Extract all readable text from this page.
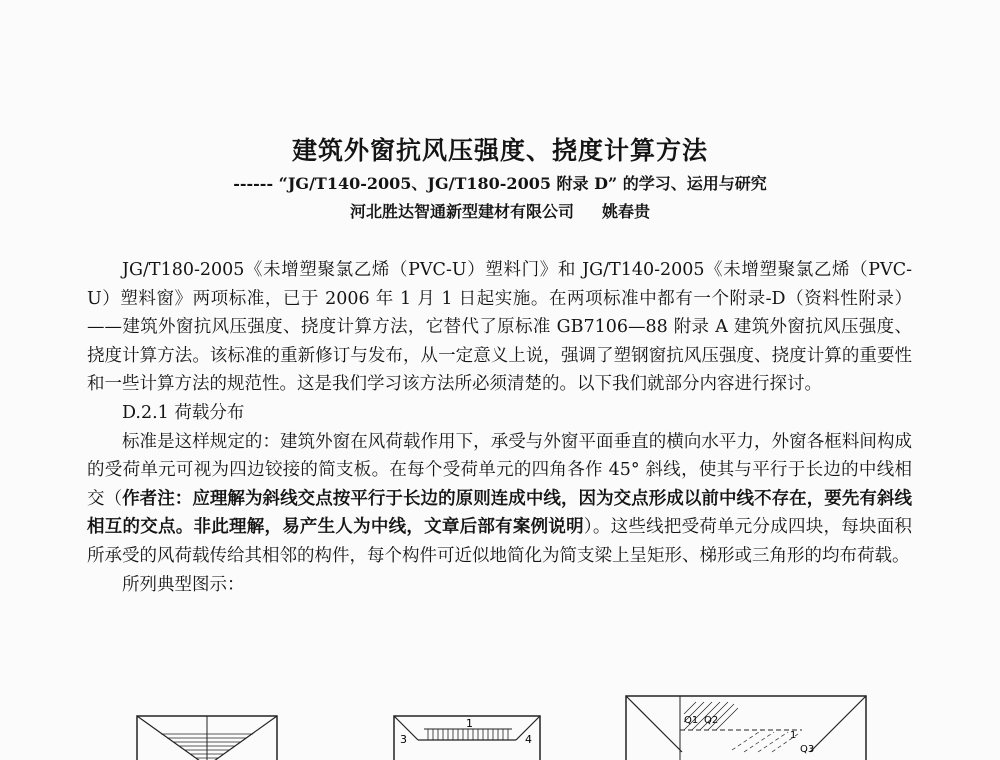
建筑外窗抗风压强度、挠度计算方法
------ “JG/T140-2005、JG/T180-2005 附录 D” 的学习、运用与研究
河北胜达智通新型建材有限公司 姚春贵

JG/T180-2005《未增塑聚氯乙烯（PVC-U）塑料门》和 JG/T140-2005《未增塑聚氯乙烯（PVC-U）塑料窗》两项标准，已于 2006 年 1 月 1 日起实施。在两项标准中都有一个附录-D（资料性附录）——建筑外窗抗风压强度、挠度计算方法，它替代了原标准 GB7106—88 附录 A 建筑外窗抗风压强度、挠度计算方法。该标准的重新修订与发布，从一定意义上说，强调了塑钢窗抗风压强度、挠度计算的重要性和一些计算方法的规范性。这是我们学习该方法所必须清楚的。以下我们就部分内容进行探讨。

D.2.1 荷载分布

标准是这样规定的：建筑外窗在风荷载作用下，承受与外窗平面垂直的横向水平力，外窗各框料间构成的受荷单元可视为四边铰接的简支板。在每个受荷单元的四角各作 45° 斜线，使其与平行于长边的中线相交（作者注：应理解为斜线交点按平行于长边的原则连成中线，因为交点形成以前中线不存在，要先有斜线相互的交点。非此理解，易产生人为中线，文章后部有案例说明）。这些线把受荷单元分成四块，每块面积所承受的风荷载传给其相邻的构件，每个构件可近似地简化为简支梁上呈矩形、梯形或三角形的均布荷载。

所列典型图示：

1
3	4
Q1 Q2
Q3
1
